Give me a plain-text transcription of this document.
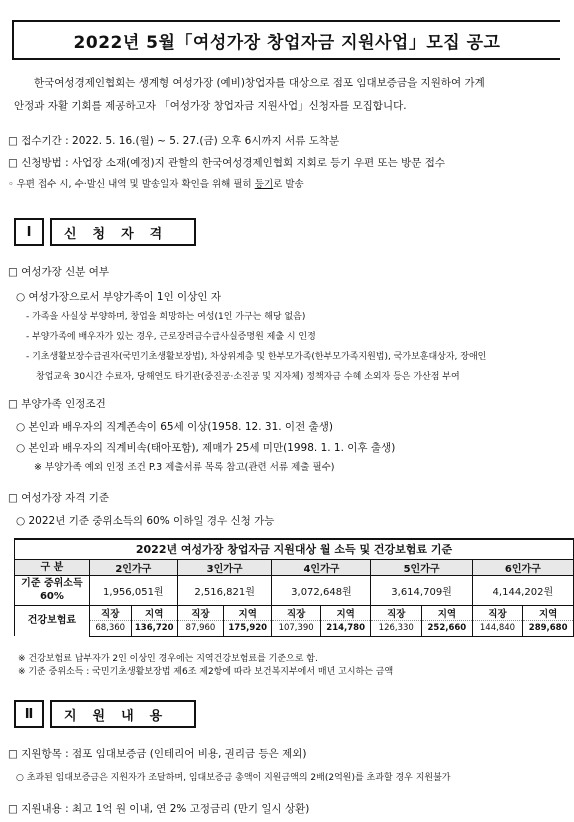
2022년 5월「여성가장 창업자금 지원사업」모집 공고

한국여성경제인협회는 생계형 여성가장 (예비)창업자를 대상으로 점포 임대보증금을 지원하여 가계

안정과 자활 기회를 제공하고자 「여성가장 창업자금 지원사업」신청자를 모집합니다.

□ 접수기간 : 2022. 5. 16.(월) ~ 5. 27.(금) 오후 6시까지 서류 도착분
□ 신청방법 : 사업장 소재(예정)지 관할의 한국여성경제인협회 지회로 등기 우편 또는 방문 접수
◦ 우편 접수 시, 수·발신 내역 및 발송일자 확인을 위해 필히 등기로 발송
Ⅰ	신청자격
□ 여성가장 신분 여부
○ 여성가장으로서 부양가족이 1인 이상인 자
- 가족을 사실상 부양하며, 창업을 희망하는 여성(1인 가구는 해당 없음)
- 부양가족에 배우자가 있는 경우, 근로장려금수급사실증명원 제출 시 인정
- 기초생활보장수급권자(국민기초생활보장법), 차상위계층 및 한부모가족(한부모가족지원법), 국가보훈대상자, 장애인
창업교육 30시간 수료자, 당해연도 타기관(중진공·소진공 및 지자체) 정책자금 수혜 소외자 등은 가산점 부여
□ 부양가족 인정조건
○ 본인과 배우자의 직계존속이 65세 이상(1958. 12. 31. 이전 출생)
○ 본인과 배우자의 직계비속(태아포함), 제매가 25세 미만(1998. 1. 1. 이후 출생)
※ 부양가족 예외 인정 조건 P.3 제출서류 목록 참고(관련 서류 제출 필수)
□ 여성가장 자격 기준
○ 2022년 기준 중위소득의 60% 이하일 경우 신청 가능
2022년 여성가장 창업자금 지원대상 월 소득 및 건강보험료 기준										
구 분	2인가구		3인가구		4인가구		5인가구		6인가구	
기준 중위소득 60%	1,956,051원		2,516,821원		3,072,648원		3,614,709원		4,144,202원	
건강보험료	직장	지역	직장	지역	직장	지역	직장	지역	직장	지역
	68,360	136,720	87,960	175,920	107,390	214,780	126,330	252,660	144,840	289,680
※ 건강보험료 납부자가 2인 이상인 경우에는 지역건강보험료를 기준으로 함.
※ 기준 중위소득 : 국민기초생활보장법 제6조 제2항에 따라 보건복지부에서 매년 고시하는 금액
Ⅱ	지원내용
□ 지원항목 : 점포 임대보증금 (인테리어 비용, 권리금 등은 제외)
○ 초과된 임대보증금은 지원자가 조달하며, 임대보증금 총액이 지원금액의 2배(2억원)를 초과할 경우 지원불가
□ 지원내용 : 최고 1억 원 이내, 연 2% 고정금리 (만기 일시 상환)
